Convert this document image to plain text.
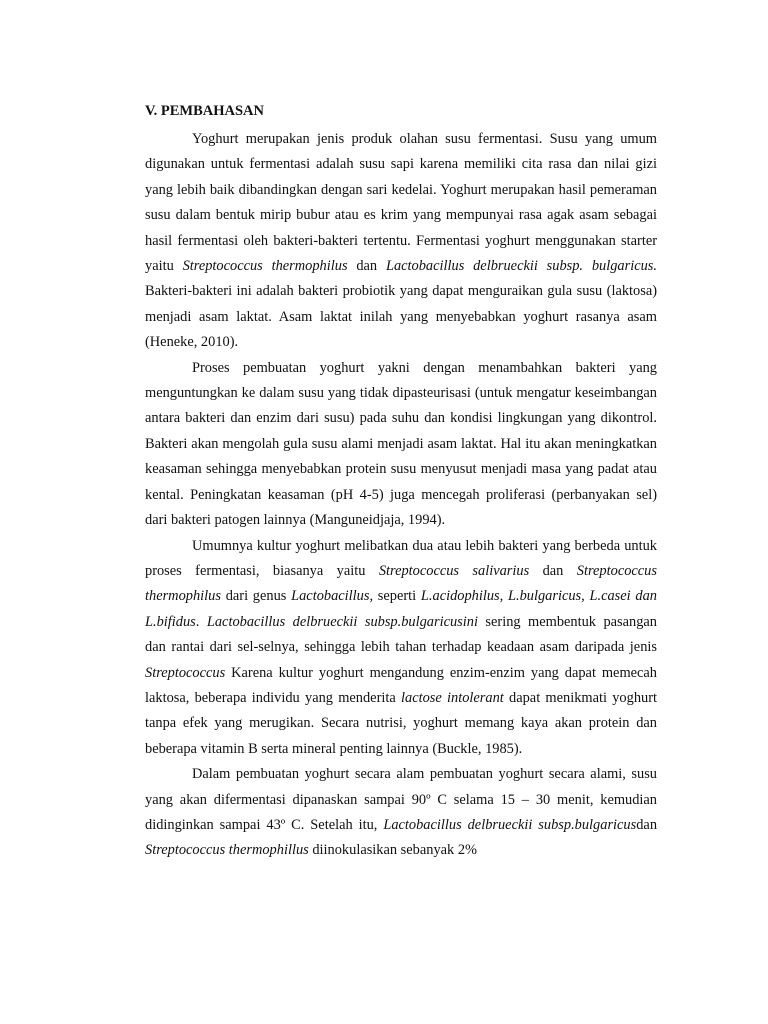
V. PEMBAHASAN

Yoghurt merupakan jenis produk olahan susu fermentasi. Susu yang umum digunakan untuk fermentasi adalah susu sapi karena memiliki cita rasa dan nilai gizi yang lebih baik dibandingkan dengan sari kedelai. Yoghurt merupakan hasil pemeraman susu dalam bentuk mirip bubur atau es krim yang mempunyai rasa agak asam sebagai hasil fermentasi oleh bakteri-bakteri tertentu. Fermentasi yoghurt menggunakan starter yaitu Streptococcus thermophilus dan Lactobacillus delbrueckii subsp. bulgaricus. Bakteri-bakteri ini adalah bakteri probiotik yang dapat menguraikan gula susu (laktosa) menjadi asam laktat. Asam laktat inilah yang menyebabkan yoghurt rasanya asam (Heneke, 2010).

Proses pembuatan yoghurt yakni dengan menambahkan bakteri yang menguntungkan ke dalam susu yang tidak dipasteurisasi (untuk mengatur keseimbangan antara bakteri dan enzim dari susu) pada suhu dan kondisi lingkungan yang dikontrol. Bakteri akan mengolah gula susu alami menjadi asam laktat. Hal itu akan meningkatkan keasaman sehingga menyebabkan protein susu menyusut menjadi masa yang padat atau kental. Peningkatan keasaman (pH 4-5) juga mencegah proliferasi (perbanyakan sel) dari bakteri patogen lainnya (Manguneidjaja, 1994).

Umumnya kultur yoghurt melibatkan dua atau lebih bakteri yang berbeda untuk proses fermentasi, biasanya yaitu Streptococcus salivarius dan Streptococcus thermophilus dari genus Lactobacillus, seperti L.acidophilus, L.bulgaricus, L.casei dan L.bifidus. Lactobacillus delbrueckii subsp.bulgaricusini sering membentuk pasangan dan rantai dari sel-selnya, sehingga lebih tahan terhadap keadaan asam daripada jenis Streptococcus Karena kultur yoghurt mengandung enzim-enzim yang dapat memecah laktosa, beberapa individu yang menderita lactose intolerant dapat menikmati yoghurt tanpa efek yang merugikan. Secara nutrisi, yoghurt memang kaya akan protein dan beberapa vitamin B serta mineral penting lainnya (Buckle, 1985).

Dalam pembuatan yoghurt secara alam pembuatan yoghurt secara alami, susu yang akan difermentasi dipanaskan sampai 90º C selama 15 – 30 menit, kemudian didinginkan sampai 43º C. Setelah itu, Lactobacillus delbrueckii subsp.bulgaricusdan Streptococcus thermophillus diinokulasikan sebanyak 2%
